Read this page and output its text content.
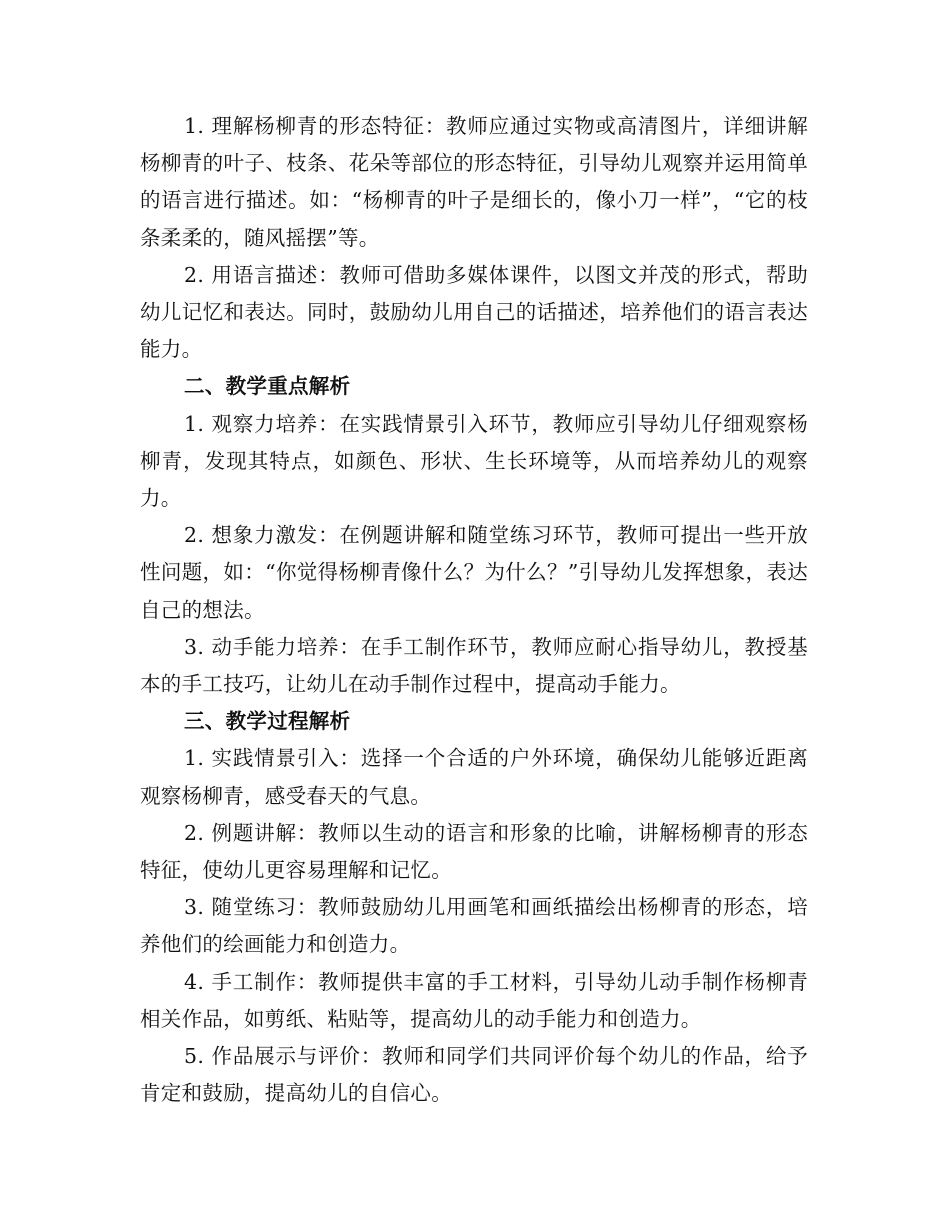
1. 理解杨柳青的形态特征：教师应通过实物或高清图片，详细讲解杨柳青的叶子、枝条、花朵等部位的形态特征，引导幼儿观察并运用简单的语言进行描述。如：“杨柳青的叶子是细长的，像小刀一样”，“它的枝条柔柔的，随风摇摆”等。

2. 用语言描述：教师可借助多媒体课件，以图文并茂的形式，帮助幼儿记忆和表达。同时，鼓励幼儿用自己的话描述，培养他们的语言表达能力。

二、教学重点解析

1. 观察力培养：在实践情景引入环节，教师应引导幼儿仔细观察杨柳青，发现其特点，如颜色、形状、生长环境等，从而培养幼儿的观察力。

2. 想象力激发：在例题讲解和随堂练习环节，教师可提出一些开放性问题，如：“你觉得杨柳青像什么？为什么？”引导幼儿发挥想象，表达自己的想法。

3. 动手能力培养：在手工制作环节，教师应耐心指导幼儿，教授基本的手工技巧，让幼儿在动手制作过程中，提高动手能力。

三、教学过程解析

1. 实践情景引入：选择一个合适的户外环境，确保幼儿能够近距离观察杨柳青，感受春天的气息。

2. 例题讲解：教师以生动的语言和形象的比喻，讲解杨柳青的形态特征，使幼儿更容易理解和记忆。

3. 随堂练习：教师鼓励幼儿用画笔和画纸描绘出杨柳青的形态，培养他们的绘画能力和创造力。

4. 手工制作：教师提供丰富的手工材料，引导幼儿动手制作杨柳青相关作品，如剪纸、粘贴等，提高幼儿的动手能力和创造力。

5. 作品展示与评价：教师和同学们共同评价每个幼儿的作品，给予肯定和鼓励，提高幼儿的自信心。
